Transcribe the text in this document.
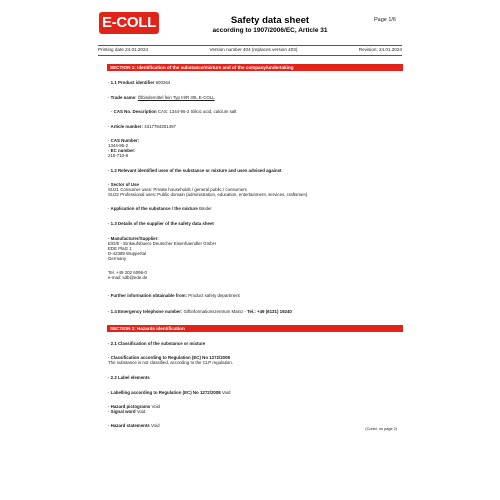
E-COLL	Safety data sheet
according to 1907/2006/EC, Article 31
Page 1/6
Printing date 24.01.2024	Version number 404 (replaces version 403)	Revision: 24.01.2024
SECTION 1: Identification of the substance/mixture and of the company/undertaking
· 1.1 Product identifier 600264
· Trade name: Ölbindemittel fein Typ III/R 30L E-COLL
· CAS No. Description CAS: 1344-95-2 Silicic acid, calcium salt
· Article number: 4317784301497
· CAS Number:
1344-95-2
· EC number:
215-710-8
· 1.2 Relevant identified uses of the substance or mixture and uses advised against
· Sector of Use
SU21 Consumer uses: Private households / general public / consumers
SU22 Professional uses: Public domain (administration, education, entertainment, services, craftsmen)
· Application of the substance / the mixture Binder
· 1.3 Details of the supplier of the safety data sheet
· Manufacturer/Supplier:
E/D/E - Einkaufsbuero Deutscher Eisenhaendler GmbH
EDE Platz 1
D-42389 Wuppertal
Germany
Tel. +49 202 6096-0
e-mail: sdb@ede.de
· Further information obtainable from: Product safety department
· 1.4 Emergency telephone number: Giftinformationszentrum Mainz - Tel.: +49 (6131) 19240
SECTION 2: Hazards identification
· 2.1 Classification of the substance or mixture
· Classification according to Regulation (EC) No 1272/2008
The substance is not classified, according to the CLP regulation.
· 2.2 Label elements
· Labelling according to Regulation (EC) No 1272/2008 Void
· Hazard pictograms Void
· Signal word Void
· Hazard statements Void
(Contd. on page 2)
